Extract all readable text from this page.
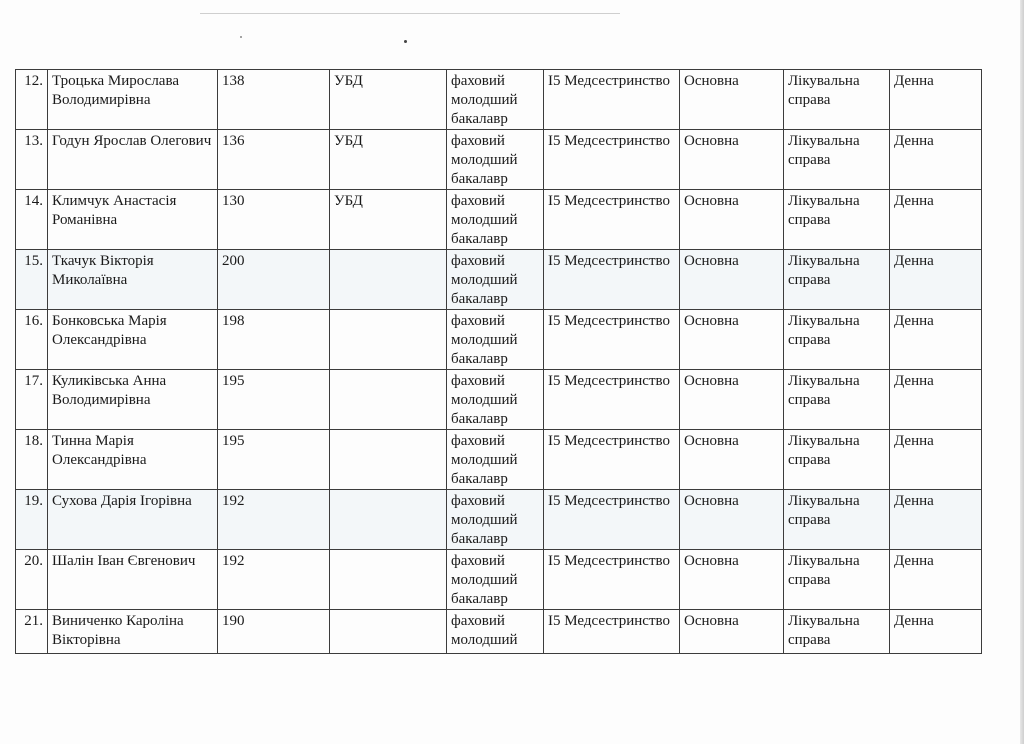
12.	Троцька Мирослава Володимирівна	138	УБД	фаховий молодший бакалавр	I5 Медсестринство	Основна	Лікувальна справа	Денна
13.	Годун Ярослав Олегович	136	УБД	фаховий молодший бакалавр	I5 Медсестринство	Основна	Лікувальна справа	Денна
14.	Климчук Анастасія Романівна	130	УБД	фаховий молодший бакалавр	I5 Медсестринство	Основна	Лікувальна справа	Денна
15.	Ткачук Вікторія Миколаївна	200		фаховий молодший бакалавр	I5 Медсестринство	Основна	Лікувальна справа	Денна
16.	Бонковська Марія Олександрівна	198		фаховий молодший бакалавр	I5 Медсестринство	Основна	Лікувальна справа	Денна
17.	Куликівська Анна Володимирівна	195		фаховий молодший бакалавр	I5 Медсестринство	Основна	Лікувальна справа	Денна
18.	Тинна Марія Олександрівна	195		фаховий молодший бакалавр	I5 Медсестринство	Основна	Лікувальна справа	Денна
19.	Сухова Дарія Ігорівна	192		фаховий молодший бакалавр	I5 Медсестринство	Основна	Лікувальна справа	Денна
20.	Шалін Іван Євгенович	192		фаховий молодший бакалавр	I5 Медсестринство	Основна	Лікувальна справа	Денна
21.	Виниченко Кароліна Вікторівна	190		фаховий молодший	I5 Медсестринство	Основна	Лікувальна справа	Денна
